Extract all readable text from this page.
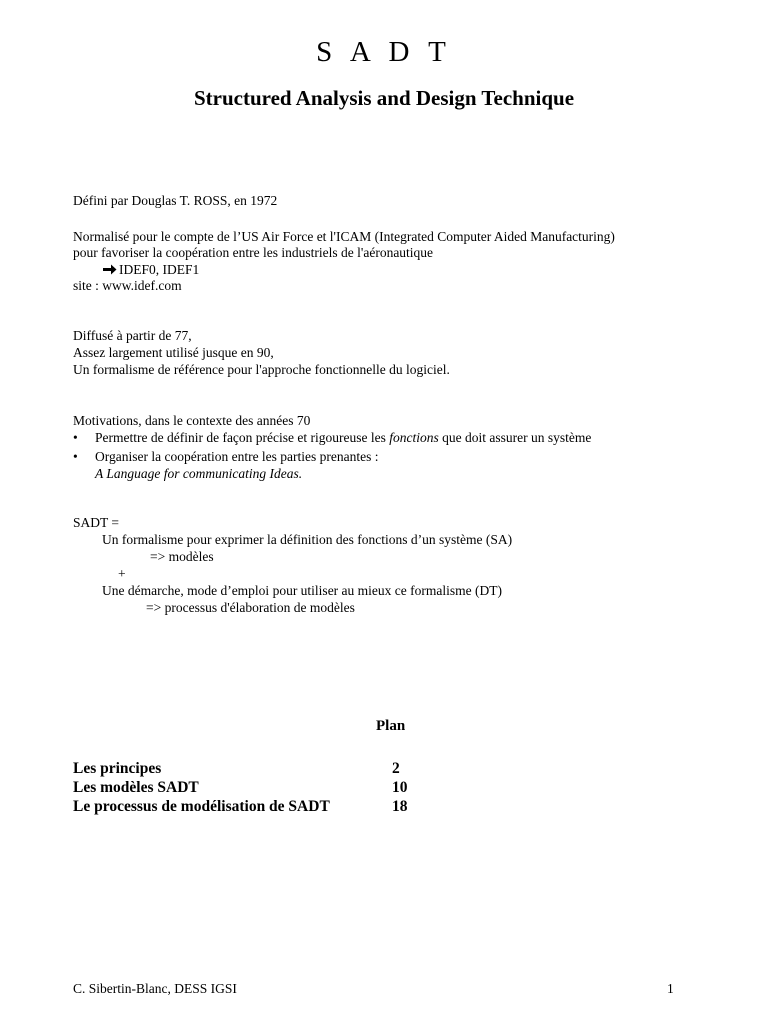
S A D T
Structured Analysis and Design Technique
Défini par Douglas T. ROSS, en 1972
Normalisé pour le compte de l’US Air Force et l'ICAM (Integrated Computer Aided Manufacturing)
pour favoriser la coopération entre les industriels de l'aéronautique
IDEF0, IDEF1
site : www.idef.com
Diffusé à partir de 77,
Assez largement utilisé jusque en 90,
Un formalisme de référence pour l'approche fonctionnelle du logiciel.
Motivations, dans le contexte des années 70
• Permettre de définir de façon précise et rigoureuse les fonctions que doit assurer un système
• Organiser la coopération entre les parties prenantes :
A Language for communicating Ideas.
SADT =
Un formalisme pour exprimer la définition des fonctions d’un système (SA)
=> modèles
+
Une démarche, mode d’emploi pour utiliser au mieux ce formalisme (DT)
=> processus d'élaboration de modèles
Plan
Les principes	2
Les modèles SADT	10
Le processus de modélisation de SADT	18
C. Sibertin-Blanc, DESS IGSI	1
